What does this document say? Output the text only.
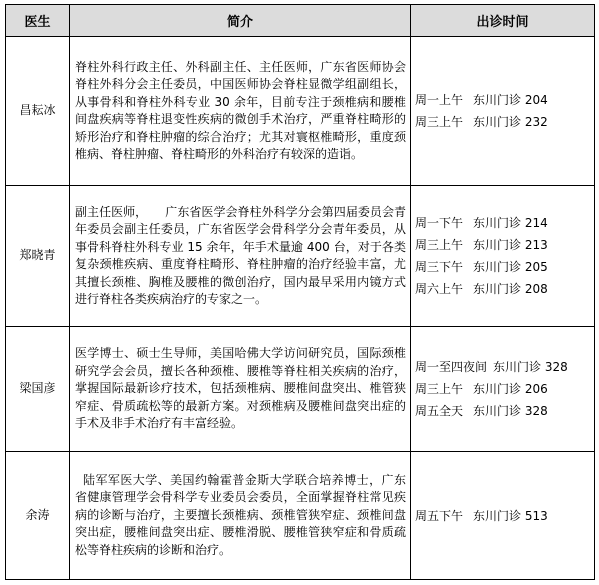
医生	简介	出诊时间
昌耘冰	脊柱外科行政主任、外科副主任、主任医师，广东省医师协会脊柱外科分会主任委员，中国医师协会脊柱显微学组副组长，从事骨科和脊柱外科专业 30 余年，目前专注于颈椎病和腰椎间盘疾病等脊柱退变性疾病的微创手术治疗，严重脊柱畸形的矫形治疗和脊柱肿瘤的综合治疗；尤其对寰枢椎畸形，重度颈椎病、脊柱肿瘤、脊柱畸形的外科治疗有较深的造诣。	周一上午 东川门诊 204
周三上午 东川门诊 232

郑晓青	副主任医师，　　广东省医学会脊柱外科学分会第四届委员会青年委员会副主任委员，广东省医学会骨科学分会青年委员，从事骨科脊柱外科专业 15 余年，年手术量逾 400 台，对于各类复杂颈椎疾病、重度脊柱畸形、脊柱肿瘤的治疗经验丰富，尤其擅长颈椎、胸椎及腰椎的微创治疗，国内最早采用内镜方式进行脊柱各类疾病治疗的专家之一。	周一下午 东川门诊 214
周三上午 东川门诊 213
周三下午 东川门诊 205
周六上午 东川门诊 208

梁国彦	医学博士、硕士生导师，美国哈佛大学访问研究员，国际颈椎研究学会会员，擅长各种颈椎、腰椎等脊柱相关疾病的治疗，掌握国际最新诊疗技术，包括颈椎病、腰椎间盘突出、椎管狭窄症、骨质疏松等的最新方案。对颈椎病及腰椎间盘突出症的手术及非手术治疗有丰富经验。	周一至四夜间 东川门诊 328
周三上午 东川门诊 206
周五全天 东川门诊 328

余涛	陆军军医大学、美国约翰霍普金斯大学联合培养博士，广东省健康管理学会骨科学专业委员会委员，全面掌握脊柱常见疾病的诊断与治疗，主要擅长颈椎病、颈椎管狭窄症、颈椎间盘突出症，腰椎间盘突出症、腰椎滑脱、腰椎管狭窄症和骨质疏松等脊柱疾病的诊断和治疗。	周五下午 东川门诊 513
